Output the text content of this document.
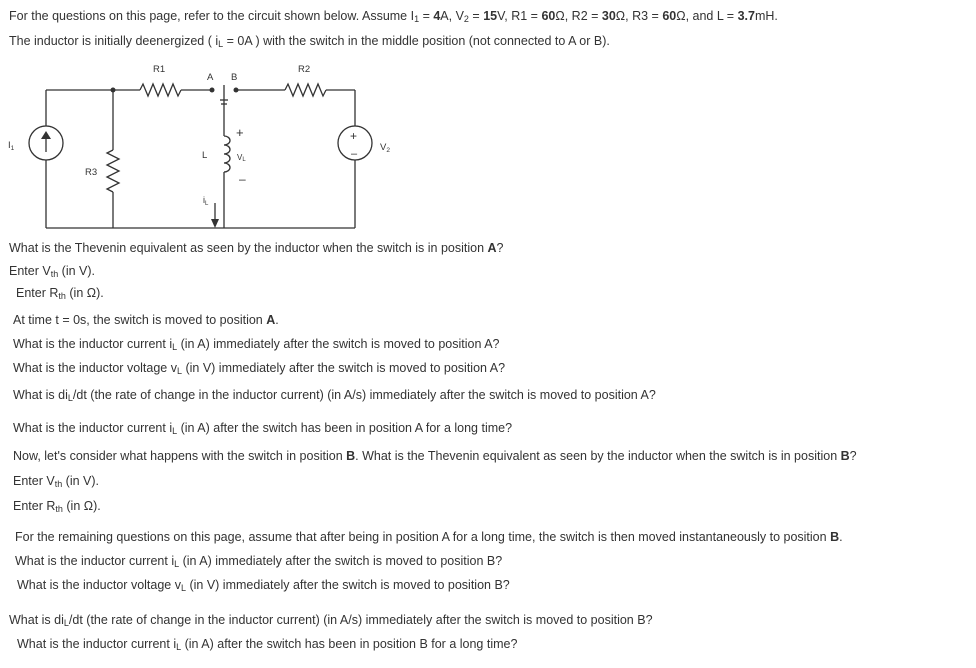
For the questions on this page, refer to the circuit shown below. Assume $I_1 = 4A$, $V_2 = 15V$, R1 = 60Ω, R2 = 30Ω, R3 = 60Ω, and L = 3.7mH.
The inductor is initially deenergized ( $i_L = 0A$ ) with the switch in the middle position (not connected to A or B).
R1	R2
R3
A B
L
$I_1$	$V_2$
VL
$i_L$
+
–
+
–
What is the Thevenin equivalent as seen by the inductor when the switch is in position A?
Enter $V_{th}$ (in V).
Enter $R_{th}$ (in Ω).
At time t = 0s, the switch is moved to position A.
What is the inductor current $i_L$ (in A) immediately after the switch is moved to position A?
What is the inductor voltage $v_L$ (in V) immediately after the switch is moved to position A?
What is $di_L/dt$ (the rate of change in the inductor current) (in A/s) immediately after the switch is moved to position A?
What is the inductor current $i_L$ (in A) after the switch has been in position A for a long time?
Now, let's consider what happens with the switch in position B. What is the Thevenin equivalent as seen by the inductor when the switch is in position B?
Enter $V_{th}$ (in V).
Enter $R_{th}$ (in Ω).
For the remaining questions on this page, assume that after being in position A for a long time, the switch is then moved instantaneously to position B.
What is the inductor current $i_L$ (in A) immediately after the switch is moved to position B?
What is the inductor voltage $v_L$ (in V) immediately after the switch is moved to position B?
What is $di_L/dt$ (the rate of change in the inductor current) (in A/s) immediately after the switch is moved to position B?
What is the inductor current $i_L$ (in A) after the switch has been in position B for a long time?
